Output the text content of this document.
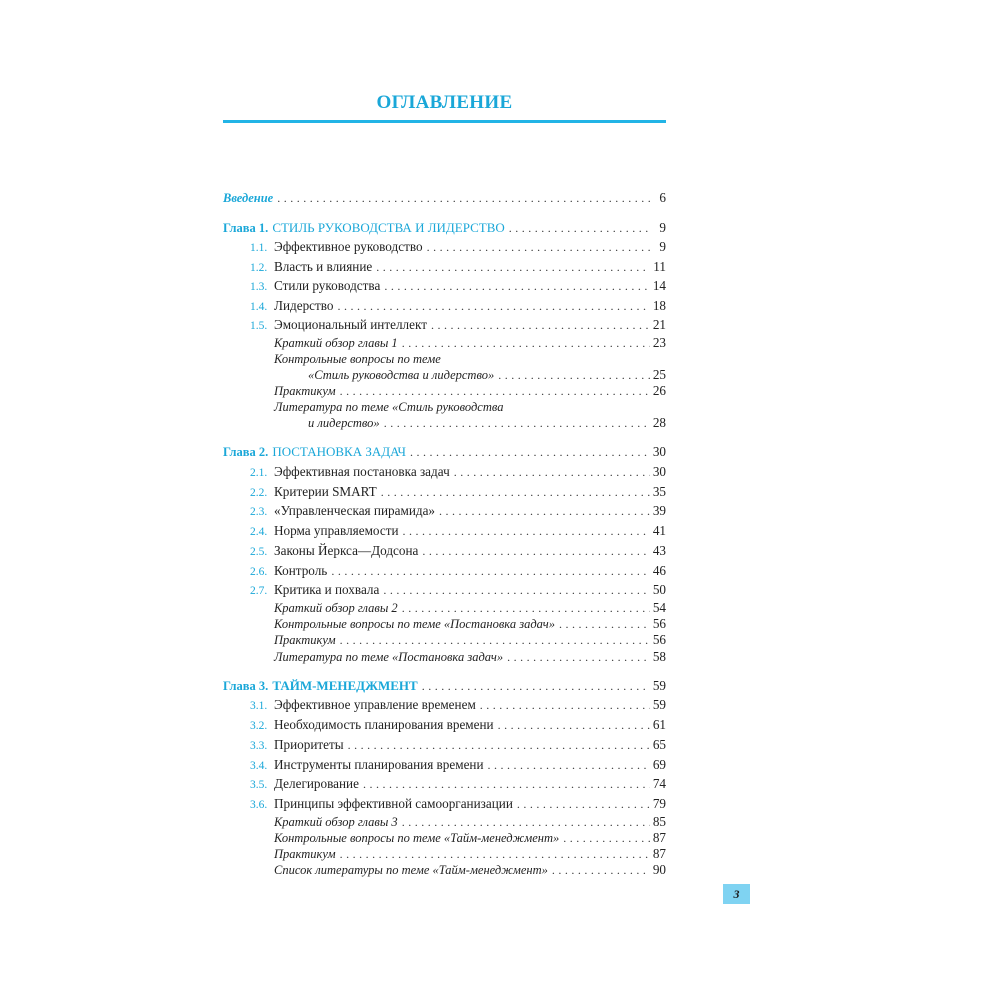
ОГЛАВЛЕНИЕ
Введение . . .	6
Глава 1. СТИЛЬ РУКОВОДСТВА И ЛИДЕРСТВО . . .	9
1.1. Эффективное руководство . . .	9
1.2. Власть и влияние . . .	11
1.3. Стили руководства . . .	14
1.4. Лидерство . . .	18
1.5. Эмоциональный интеллект . . .	21
Краткий обзор главы 1 . . .	23
Контрольные вопросы по теме
«Стиль руководства и лидерство» . . .	25
Практикум . . .	26
Литература по теме «Стиль руководства
и лидерство» . . .	28
Глава 2. ПОСТАНОВКА ЗАДАЧ . . .	30
2.1. Эффективная постановка задач . . .	30
2.2. Критерии SMART . . .	35
2.3. «Управленческая пирамида» . . .	39
2.4. Норма управляемости . . .	41
2.5. Законы Йеркса—Додсона . . .	43
2.6. Контроль . . .	46
2.7. Критика и похвала . . .	50
Краткий обзор главы 2 . . .	54
Контрольные вопросы по теме «Постановка задач» . . .	56
Практикум . . .	56
Литература по теме «Постановка задач» . . .	58
Глава 3. ТАЙМ-МЕНЕДЖМЕНТ . . .	59
3.1. Эффективное управление временем . . .	59
3.2. Необходимость планирования времени . . .	61
3.3. Приоритеты . . .	65
3.4. Инструменты планирования времени . . .	69
3.5. Делегирование . . .	74
3.6. Принципы эффективной самоорганизации . . .	79
Краткий обзор главы 3 . . .	85
Контрольные вопросы по теме «Тайм-менеджмент» . . .	87
Практикум . . .	87
Список литературы по теме «Тайм-менеджмент» . . .	90
3
